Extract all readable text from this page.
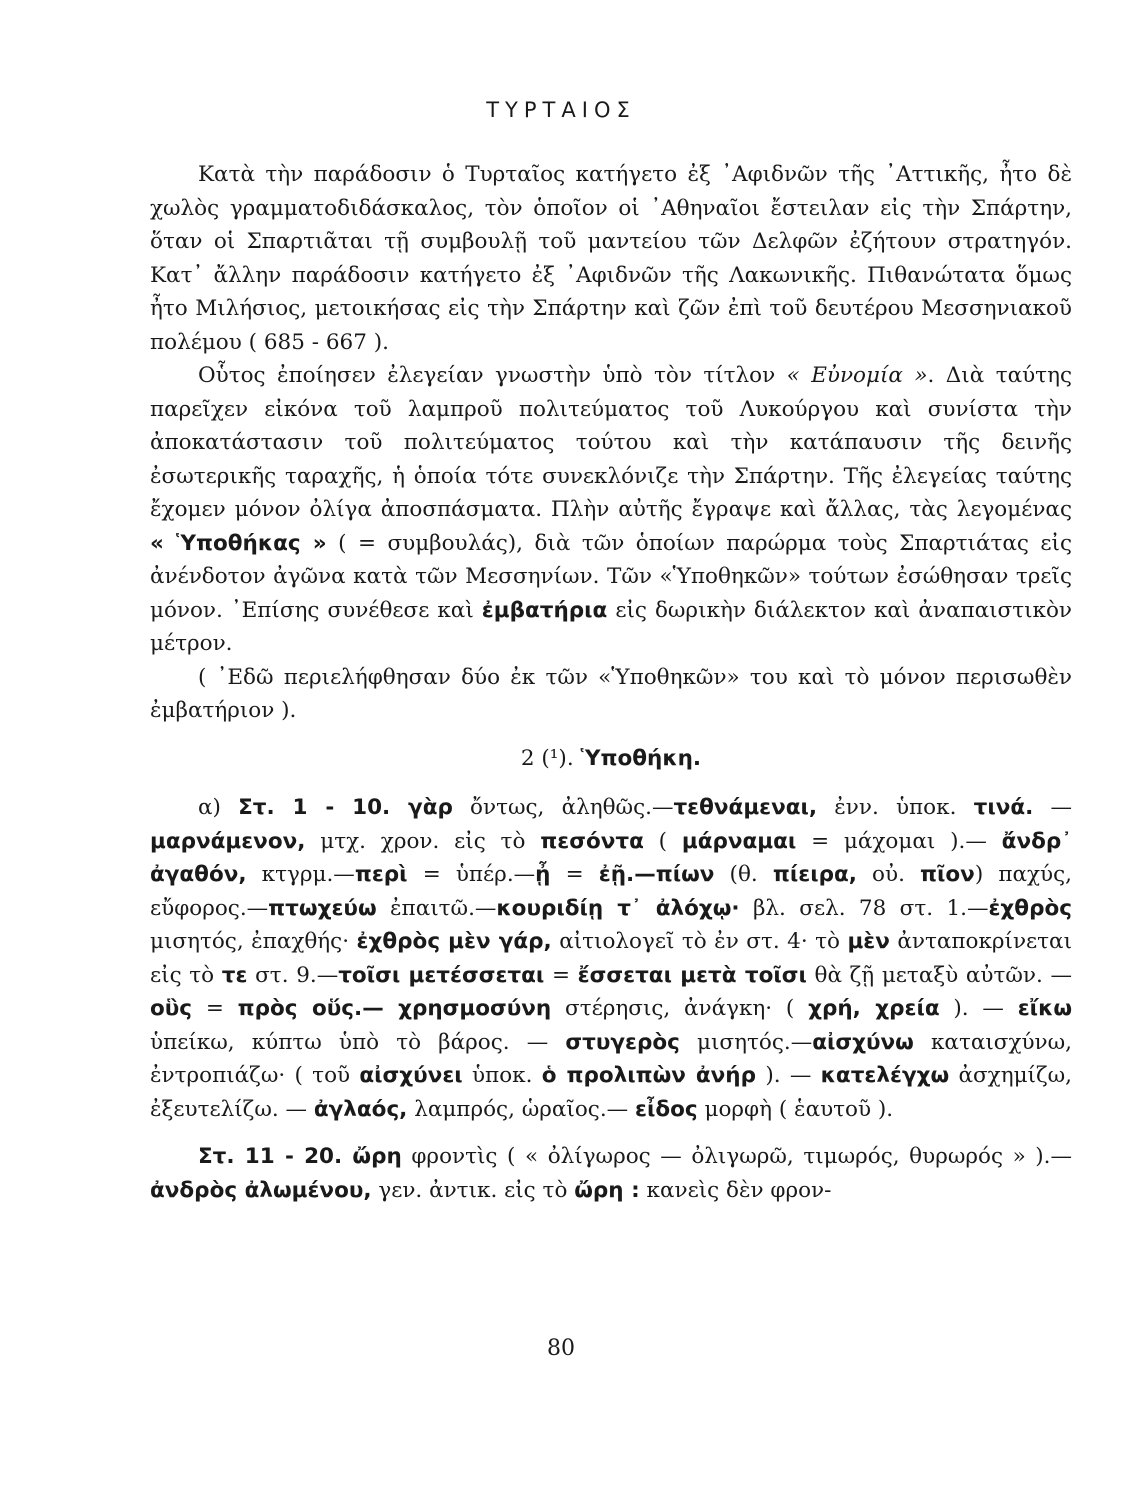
ΤΥΡΤΑΙΟΣ

Κατὰ τὴν παράδοσιν ὁ Τυρταῖος κατήγετο ἐξ ᾽Αφιδνῶν τῆς ᾽Αττικῆς, ἦτο δὲ χωλὸς γραμματοδιδάσκαλος, τὸν ὁποῖον οἱ ᾽Αθηναῖοι ἔστειλαν εἰς τὴν Σπάρτην, ὅταν οἱ Σπαρτιᾶται τῇ συμβουλῇ τοῦ μαντείου τῶν Δελφῶν ἐζήτουν στρατηγόν. Κατ᾽ ἄλλην παράδοσιν κατήγετο ἐξ ᾽Αφιδνῶν τῆς Λακωνικῆς. Πιθανώτατα ὅμως ἦτο Μιλήσιος, μετοικήσας εἰς τὴν Σπάρτην καὶ ζῶν ἐπὶ τοῦ δευτέρου Μεσσηνιακοῦ πολέμου ( 685 - 667 ).

Οὗτος ἐποίησεν ἐλεγείαν γνωστὴν ὑπὸ τὸν τίτλον « Εὐνομία ». Διὰ ταύτης παρεῖχεν εἰκόνα τοῦ λαμπροῦ πολιτεύματος τοῦ Λυκούργου καὶ συνίστα τὴν ἀποκατάστασιν τοῦ πολιτεύματος τούτου καὶ τὴν κατάπαυσιν τῆς δεινῆς ἐσωτερικῆς ταραχῆς, ἡ ὁποία τότε συνεκλόνιζε τὴν Σπάρτην. Τῆς ἐλεγείας ταύτης ἔχομεν μόνον ὀλίγα ἀποσπάσματα. Πλὴν αὐτῆς ἔγραψε καὶ ἄλλας, τὰς λεγομένας « Ὑποθήκας » ( = συμβουλάς), διὰ τῶν ὁποίων παρώρμα τοὺς Σπαρτιάτας εἰς ἀνένδοτον ἀγῶνα κατὰ τῶν Μεσσηνίων. Τῶν «Ὑποθηκῶν» τούτων ἐσώθησαν τρεῖς μόνον. ᾽Επίσης συνέθεσε καὶ ἐμβατήρια εἰς δωρικὴν διάλεκτον καὶ ἀναπαιστικὸν μέτρον.

( ᾽Εδῶ περιελήφθησαν δύο ἐκ τῶν «Ὑποθηκῶν» του καὶ τὸ μόνον περισωθὲν ἐμβατήριον ).

2 (¹). Ὑποθήκη.

α) Στ. 1 - 10. γὰρ ὄντως, ἀληθῶς.—τεθνάμεναι, ἐνν. ὑποκ. τινά. —μαρνάμενον, μτχ. χρον. εἰς τὸ πεσόντα ( μάρναμαι = μάχομαι ).— ἄνδρ᾽ ἀγαθόν, κτγρμ.—περὶ = ὑπέρ.—ᾖ = ἐῇ.—πίων (θ. πίειρα, οὐ. πῖον) παχύς, εὔφορος.—πτωχεύω ἐπαιτῶ.—κουριδίῃ τ᾽ ἀλόχῳ· βλ. σελ. 78 στ. 1.—ἐχθρὸς μισητός, ἐπαχθής· ἐχθρὸς μὲν γάρ, αἰτιολογεῖ τὸ ἐν στ. 4· τὸ μὲν ἀνταποκρίνεται εἰς τὸ τε στ. 9.—τοῖσι μετέσσεται = ἔσσεται μετὰ τοῖσι θὰ ζῇ μεταξὺ αὐτῶν. — οὓς = πρὸς οὕς.— χρησμοσύνη στέρησις, ἀνάγκη· ( χρή, χρεία ). — εἴκω ὑπείκω, κύπτω ὑπὸ τὸ βάρος. — στυγερὸς μισητός.—αἰσχύνω καταισχύνω, ἐντροπιάζω· ( τοῦ αἰσχύνει ὑποκ. ὁ προλιπὼν ἀνήρ ). — κατελέγχω ἀσχημίζω, ἐξευτελίζω. — ἀγλαός, λαμπρός, ὡραῖος.— εἶδος μορφὴ ( ἑαυτοῦ ).

Στ. 11 - 20. ὤρη φροντὶς ( « ὀλίγωρος — ὀλιγωρῶ, τιμωρός, θυρωρός » ).—ἀνδρὸς ἀλωμένου, γεν. ἀντικ. εἰς τὸ ὤρη : κανεὶς δὲν φρον-

80
